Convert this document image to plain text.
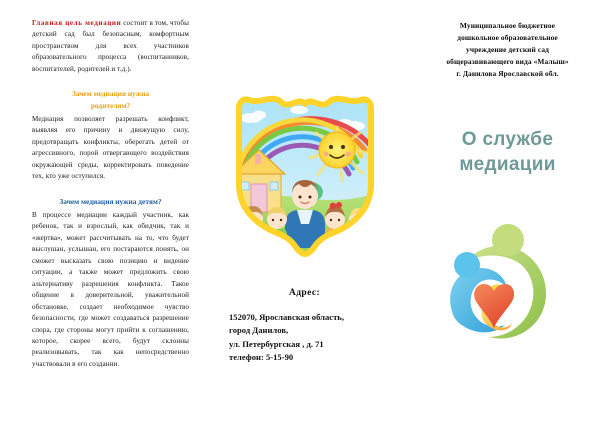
Главная цель медиации состоит в том, чтобы детский сад был безопасным, комфортным пространством для всех участников образовательного процесса (воспитанников, воспитателей, родителей и т.д.).

Зачем медиация нужна
родителям?

Медиация позволяет разрешать конфликт, выявляя его причину и движущую силу, предотвращать конфликты, оберегать детей от агрессивного, порой отвергающего воздействия окружающей среды, корректировать поведение тех, кто уже оступился.

Зачем медиация нужна детям?

В процессе медиации каждый участник, как ребенок, так и взрослый, как обидчик, так и «жертва», может рассчитывать на то, что будет выслушан, услышан, его постараются понять, он сможет высказать свою позицию и видение ситуации, а также может предложить свою альтернативу разрешения конфликта. Такое общение в доверительной, уважительной обстановке, создает необходимое чувство безопасности, где может создаваться разрешение спора, где стороны могут прийти к соглашению, которое, скорее всего, будут склонны реализовывать, так как непосредственно участвовали в его создании.

Адрес:
152070, Ярославская область,
город Данилов,
ул. Петербургская , д. 71
телефон: 5-15-90
Муниципальное бюджетное
дошкольное образовательное
учреждение детский сад
общеразвивающего вида «Малыш»
г. Данилова Ярославской обл.
О службе
медиации
